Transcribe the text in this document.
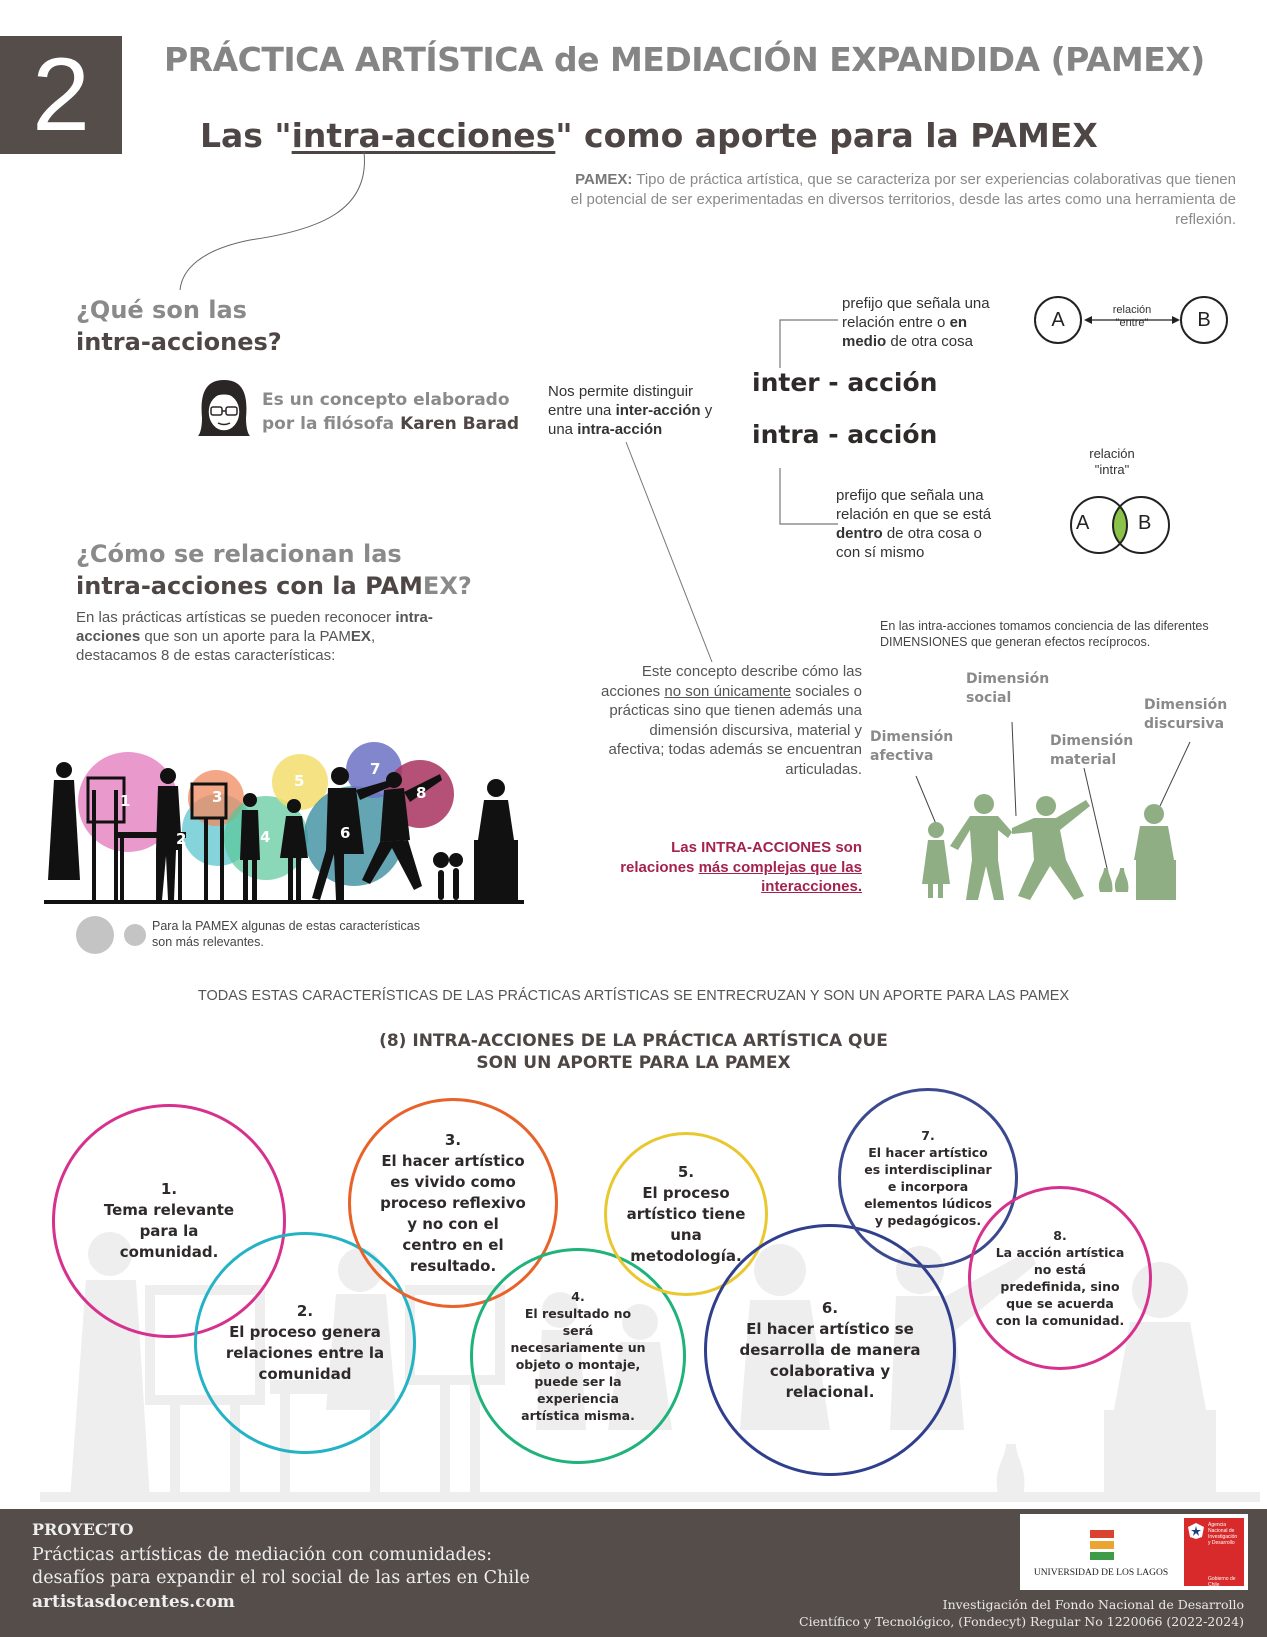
2	PRÁCTICA ARTÍSTICA de MEDIACIÓN EXPANDIDA (PAMEX)
Las "intra-acciones" como aporte para la PAMEX
PAMEX: Tipo de práctica artística, que se caracteriza por ser experiencias colaborativas que tienen el potencial de ser experimentadas en diversos territorios, desde las artes como una herramienta de reflexión.
¿Qué son las
intra-acciones?
Es un concepto elaborado
por la filósofa Karen Barad
Nos permite distinguir entre una inter-acción y una intra-acción
inter - acción
intra - acción
prefijo que señala una relación entre o en medio de otra cosa
prefijo que señala una relación en que se está dentro de otra cosa o con sí mismo
A	B
relación
"entre"
relación
"intra"
A B
¿Cómo se relacionan las
intra-acciones con la PAMEX?
En las prácticas artísticas se pueden reconocer intra-acciones que son un aporte para la PAMEX, destacamos 8 de estas características:
1
2
3
4
5
6
7
8
Para la PAMEX algunas de estas características
son más relevantes.
Este concepto describe cómo las acciones no son únicamente sociales o prácticas sino que tienen además una dimensión discursiva, material y afectiva; todas además se encuentran articuladas.
Las INTRA-ACCIONES son relaciones más complejas que las interacciones.
En las intra-acciones tomamos conciencia de las diferentes DIMENSIONES que generan efectos recíprocos.
Dimensión afectiva
Dimensión social
Dimensión material
Dimensión discursiva
TODAS ESTAS CARACTERÍSTICAS DE LAS PRÁCTICAS ARTÍSTICAS SE ENTRECRUZAN Y SON UN APORTE PARA LAS PAMEX
(8) INTRA-ACCIONES DE LA PRÁCTICA ARTÍSTICA QUE
SON UN APORTE PARA LA PAMEX
1.
Tema relevante para la comunidad.
2.
El proceso genera relaciones entre la comunidad
3.
El hacer artístico es vivido como proceso reflexivo y no con el centro en el resultado.
4.
El resultado no será necesariamente un objeto o montaje, puede ser la experiencia artística misma.
5.
El proceso artístico tiene una metodología.
6.
El hacer artístico se desarrolla de manera colaborativa y relacional.
7.
El hacer artístico es interdisciplinar e incorpora elementos lúdicos y pedagógicos.
8.
La acción artística no está predefinida, sino que se acuerda con la comunidad.
PROYECTO
Prácticas artísticas de mediación con comunidades:
desafíos para expandir el rol social de las artes en Chile
artistasdocentes.com
UNIVERSIDAD DE LOS LAGOS
Agencia
Nacional de
Investigación
y Desarrollo
Gobierno de Chile
Investigación del Fondo Nacional de Desarrollo
Científico y Tecnológico, (Fondecyt) Regular No 1220066 (2022-2024)
